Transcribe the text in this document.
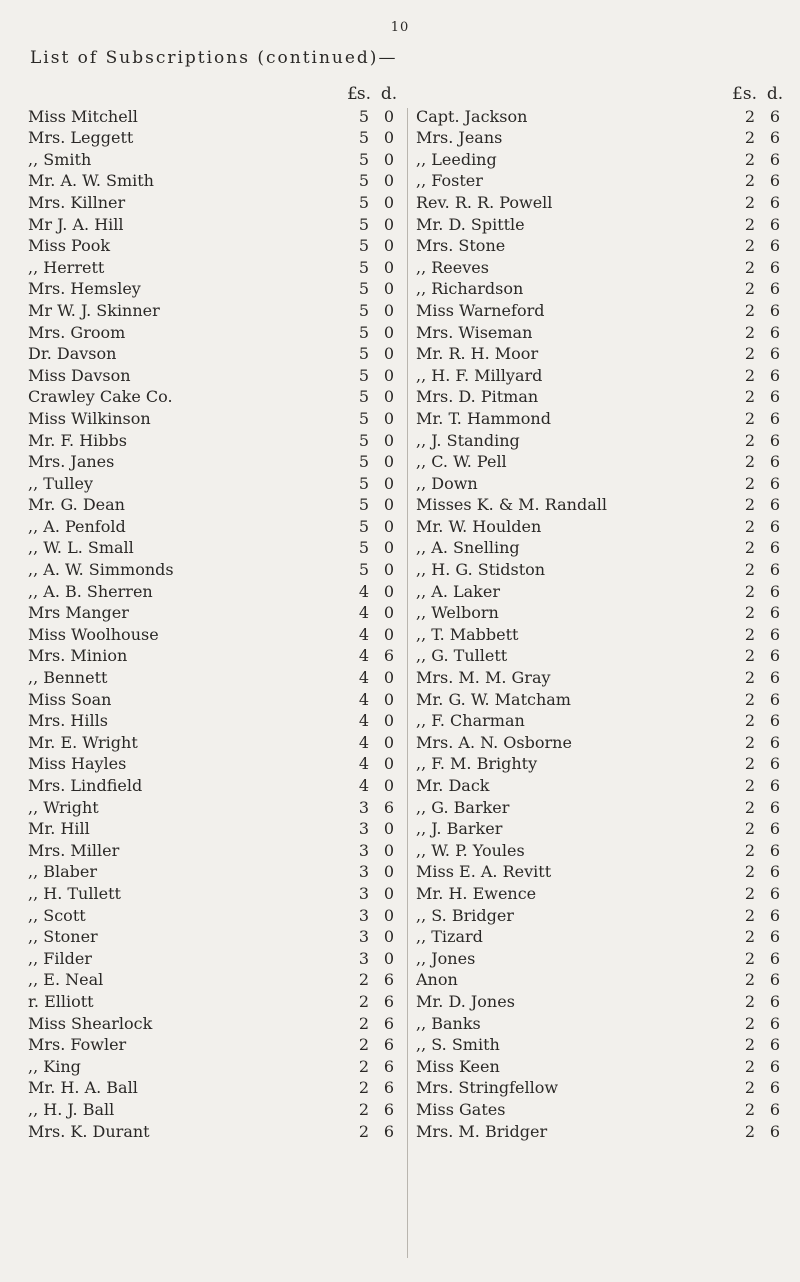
10
List of Subscriptions (continued)—
£ s. d.
Miss Mitchell	5 0
Mrs. Leggett	5 0
,, Smith	5 0
Mr. A. W. Smith	5 0
Mrs. Killner	5 0
Mr J. A. Hill	5 0
Miss Pook	5 0
,, Herrett	5 0
Mrs. Hemsley	5 0
Mr W. J. Skinner	5 0
Mrs. Groom	5 0
Dr. Davson	5 0
Miss Davson	5 0
Crawley Cake Co.	5 0
Miss Wilkinson	5 0
Mr. F. Hibbs	5 0
Mrs. Janes	5 0
,, Tulley	5 0
Mr. G. Dean	5 0
,, A. Penfold	5 0
,, W. L. Small	5 0
,, A. W. Simmonds	5 0
,, A. B. Sherren	4 0
Mrs Manger	4 0
Miss Woolhouse	4 0
Mrs. Minion	4 6
,, Bennett	4 0
Miss Soan	4 0
Mrs. Hills	4 0
Mr. E. Wright	4 0
Miss Hayles	4 0
Mrs. Lindfield	4 0
,, Wright	3 6
Mr. Hill	3 0
Mrs. Miller	3 0
,, Blaber	3 0
,, H. Tullett	3 0
,, Scott	3 0
,, Stoner	3 0
,, Filder	3 0
,, E. Neal	2 6
r. Elliott	2 6
Miss Shearlock	2 6
Mrs. Fowler	2 6
,, King	2 6
Mr. H. A. Ball	2 6
,, H. J. Ball	2 6
Mrs. K. Durant	2 6
£ s. d.
Capt. Jackson	2 6
Mrs. Jeans	2 6
,, Leeding	2 6
,, Foster	2 6
Rev. R. R. Powell	2 6
Mr. D. Spittle	2 6
Mrs. Stone	2 6
,, Reeves	2 6
,, Richardson	2 6
Miss Warneford	2 6
Mrs. Wiseman	2 6
Mr. R. H. Moor	2 6
,, H. F. Millyard	2 6
Mrs. D. Pitman	2 6
Mr. T. Hammond	2 6
,, J. Standing	2 6
,, C. W. Pell	2 6
,, Down	2 6
Misses K. & M. Randall	2 6
Mr. W. Houlden	2 6
,, A. Snelling	2 6
,, H. G. Stidston	2 6
,, A. Laker	2 6
,, Welborn	2 6
,, T. Mabbett	2 6
,, G. Tullett	2 6
Mrs. M. M. Gray	2 6
Mr. G. W. Matcham	2 6
,, F. Charman	2 6
Mrs. A. N. Osborne	2 6
,, F. M. Brighty	2 6
Mr. Dack	2 6
,, G. Barker	2 6
,, J. Barker	2 6
,, W. P. Youles	2 6
Miss E. A. Revitt	2 6
Mr. H. Ewence	2 6
,, S. Bridger	2 6
,, Tizard	2 6
,, Jones	2 6
Anon	2 6
Mr. D. Jones	2 6
,, Banks	2 6
,, S. Smith	2 6
Miss Keen	2 6
Mrs. Stringfellow	2 6
Miss Gates	2 6
Mrs. M. Bridger	2 6
